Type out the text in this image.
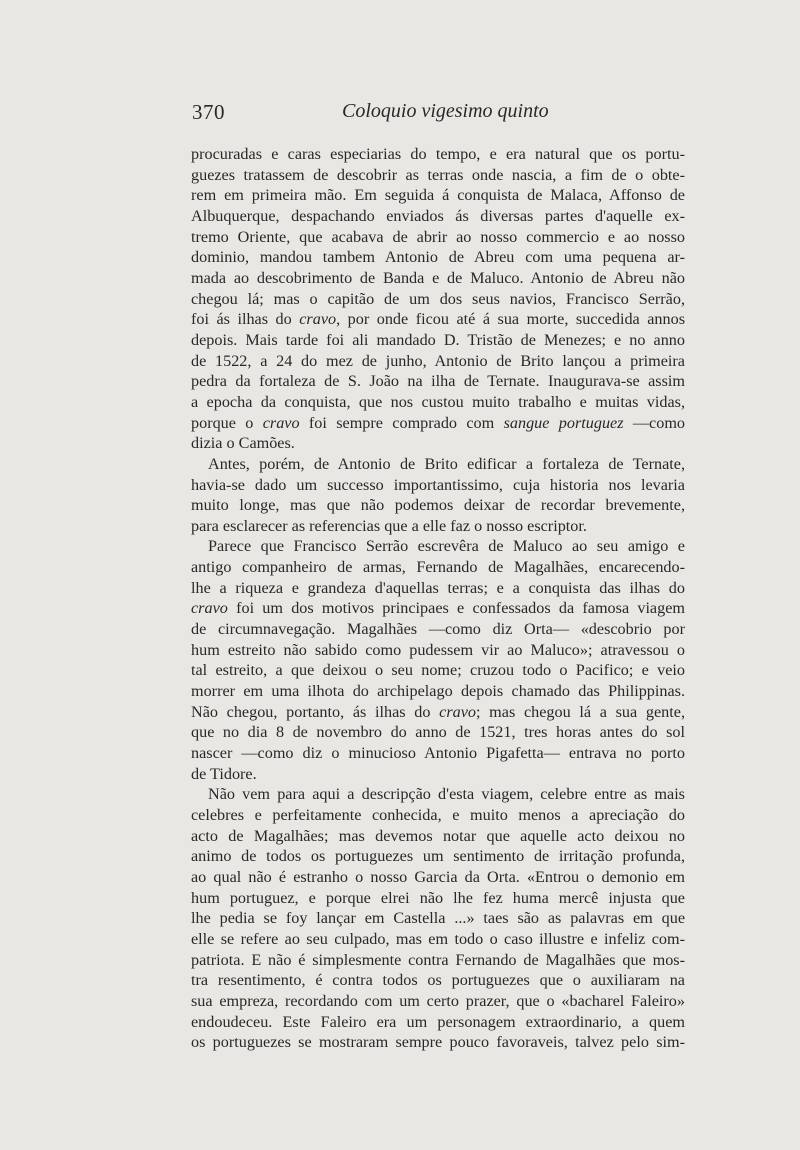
370	Coloquio vigesimo quinto
procuradas e caras especiarias do tempo, e era natural que os portu-
guezes tratassem de descobrir as terras onde nascia, a fim de o obte-
rem em primeira mão. Em seguida á conquista de Malaca, Affonso de
Albuquerque, despachando enviados ás diversas partes d'aquelle ex-
tremo Oriente, que acabava de abrir ao nosso commercio e ao nosso
dominio, mandou tambem Antonio de Abreu com uma pequena ar-
mada ao descobrimento de Banda e de Maluco. Antonio de Abreu não
chegou lá; mas o capitão de um dos seus navios, Francisco Serrão,
foi ás ilhas do cravo, por onde ficou até á sua morte, succedida annos
depois. Mais tarde foi ali mandado D. Tristão de Menezes; e no anno
de 1522, a 24 do mez de junho, Antonio de Brito lançou a primeira
pedra da fortaleza de S. João na ilha de Ternate. Inaugurava-se assim
a epocha da conquista, que nos custou muito trabalho e muitas vidas,
porque o cravo foi sempre comprado com sangue portuguez —como
dizia o Camões.
Antes, porém, de Antonio de Brito edificar a fortaleza de Ternate,
havia-se dado um successo importantissimo, cuja historia nos levaria
muito longe, mas que não podemos deixar de recordar brevemente,
para esclarecer as referencias que a elle faz o nosso escriptor.
Parece que Francisco Serrão escrevêra de Maluco ao seu amigo e
antigo companheiro de armas, Fernando de Magalhães, encarecendo-
lhe a riqueza e grandeza d'aquellas terras; e a conquista das ilhas do
cravo foi um dos motivos principaes e confessados da famosa viagem
de circumnavegação. Magalhães —como diz Orta— «descobrio por
hum estreito não sabido como pudessem vir ao Maluco»; atravessou o
tal estreito, a que deixou o seu nome; cruzou todo o Pacifico; e veio
morrer em uma ilhota do archipelago depois chamado das Philippinas.
Não chegou, portanto, ás ilhas do cravo; mas chegou lá a sua gente,
que no dia 8 de novembro do anno de 1521, tres horas antes do sol
nascer —como diz o minucioso Antonio Pigafetta— entrava no porto
de Tidore.
Não vem para aqui a descripção d'esta viagem, celebre entre as mais
celebres e perfeitamente conhecida, e muito menos a apreciação do
acto de Magalhães; mas devemos notar que aquelle acto deixou no
animo de todos os portuguezes um sentimento de irritação profunda,
ao qual não é estranho o nosso Garcia da Orta. «Entrou o demonio em
hum portuguez, e porque elrei não lhe fez huma mercê injusta que
lhe pedia se foy lançar em Castella ...» taes são as palavras em que
elle se refere ao seu culpado, mas em todo o caso illustre e infeliz com-
patriota. E não é simplesmente contra Fernando de Magalhães que mos-
tra resentimento, é contra todos os portuguezes que o auxiliaram na
sua empreza, recordando com um certo prazer, que o «bacharel Faleiro»
endoudeceu. Este Faleiro era um personagem extraordinario, a quem
os portuguezes se mostraram sempre pouco favoraveis, talvez pelo sim-
